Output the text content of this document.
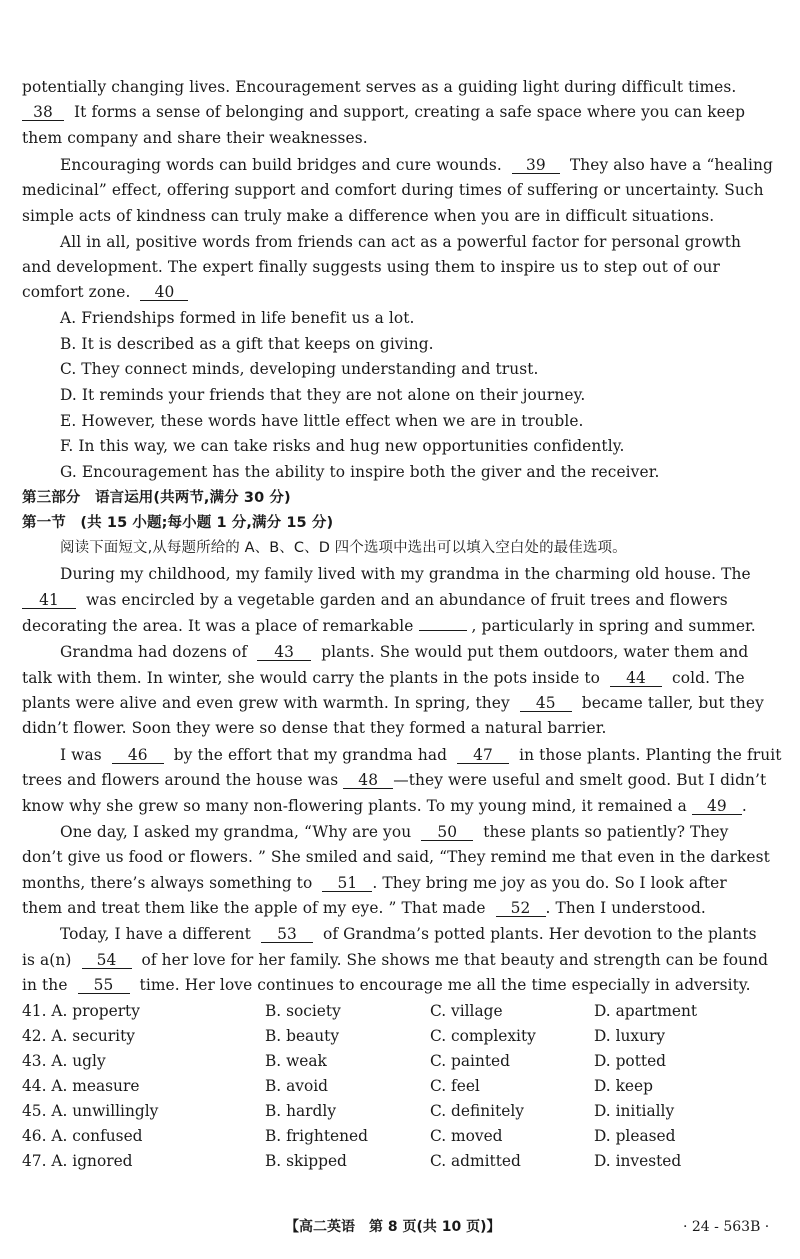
potentially changing lives. Encouragement serves as a guiding light during difficult times.
38 It forms a sense of belonging and support, creating a safe space where you can keep
them company and share their weaknesses.
Encouraging words can build bridges and cure wounds. 39 They also have a “healing
medicinal” effect, offering support and comfort during times of suffering or uncertainty. Such
simple acts of kindness can truly make a difference when you are in difficult situations.
All in all, positive words from friends can act as a powerful factor for personal growth
and development. The expert finally suggests using them to inspire us to step out of our
comfort zone. 40
A. Friendships formed in life benefit us a lot.
B. It is described as a gift that keeps on giving.
C. They connect minds, developing understanding and trust.
D. It reminds your friends that they are not alone on their journey.
E. However, these words have little effect when we are in trouble.
F. In this way, we can take risks and hug new opportunities confidently.
G. Encouragement has the ability to inspire both the giver and the receiver.
第三部分　语言运用(共两节,满分 30 分)
第一节　(共 15 小题;每小题 1 分,满分 15 分)
阅读下面短文,从每题所给的 A、B、C、D 四个选项中选出可以填入空白处的最佳选项。
During my childhood, my family lived with my grandma in the charming old house. The
41 was encircled by a vegetable garden and an abundance of fruit trees and flowers
decorating the area. It was a place of remarkable	, particularly in spring and summer.
Grandma had dozens of 43 plants. She would put them outdoors, water them and
talk with them. In winter, she would carry the plants in the pots inside to 44 cold. The
plants were alive and even grew with warmth. In spring, they 45 became taller, but they
didn’t flower. Soon they were so dense that they formed a natural barrier.
I was 46 by the effort that my grandma had 47 in those plants. Planting the fruit
trees and flowers around the house was 48 —they were useful and smelt good. But I didn’t
know why she grew so many non-flowering plants. To my young mind, it remained a 49 .
One day, I asked my grandma, “Why are you 50 these plants so patiently? They
don’t give us food or flowers. ” She smiled and said, “They remind me that even in the darkest
months, there’s always something to 51 . They bring me joy as you do. So I look after
them and treat them like the apple of my eye. ” That made 52 . Then I understood.
Today, I have a different 53 of Grandma’s potted plants. Her devotion to the plants
is a(n) 54 of her love for her family. She shows me that beauty and strength can be found
in the 55 time. Her love continues to encourage me all the time especially in adversity.
41. A. property	B. society	C. village	D. apartment
42. A. security	B. beauty	C. complexity	D. luxury
43. A. ugly	B. weak	C. painted	D. potted
44. A. measure	B. avoid	C. feel	D. keep
45. A. unwillingly	B. hardly	C. definitely	D. initially
46. A. confused	B. frightened	C. moved	D. pleased
47. A. ignored	B. skipped	C. admitted	D. invested
【高二英语　第 8 页(共 10 页)】	· 24 - 563B ·
